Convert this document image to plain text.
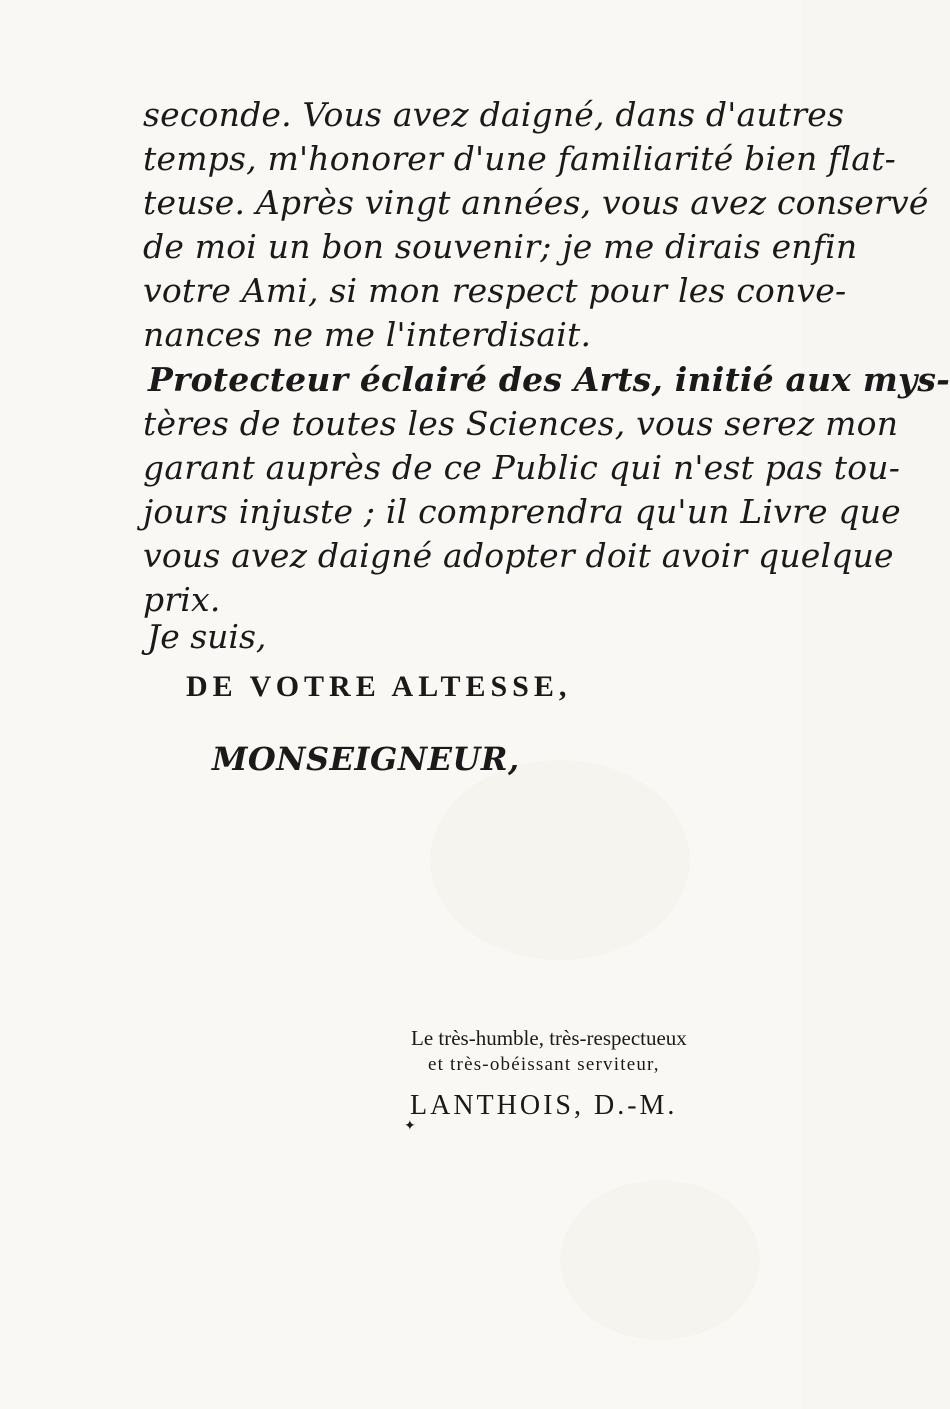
seconde. Vous avez daigné, dans d'autres
temps, m'honorer d'une familiarité bien flat-
teuse. Après vingt années, vous avez conservé
de moi un bon souvenir; je me dirais enfin
votre Ami, si mon respect pour les conve-
nances ne me l'interdisait.
Protecteur éclairé des Arts, initié aux mys-
tères de toutes les Sciences, vous serez mon
garant auprès de ce Public qui n'est pas tou-
jours injuste ; il comprendra qu'un Livre que
vous avez daigné adopter doit avoir quelque
prix.
Je suis,
DE VOTRE ALTESSE,
MONSEIGNEUR,
Le très-humble, très-respectueux
et très-obéissant serviteur,
LANTHOIS, D.-M.
✦
